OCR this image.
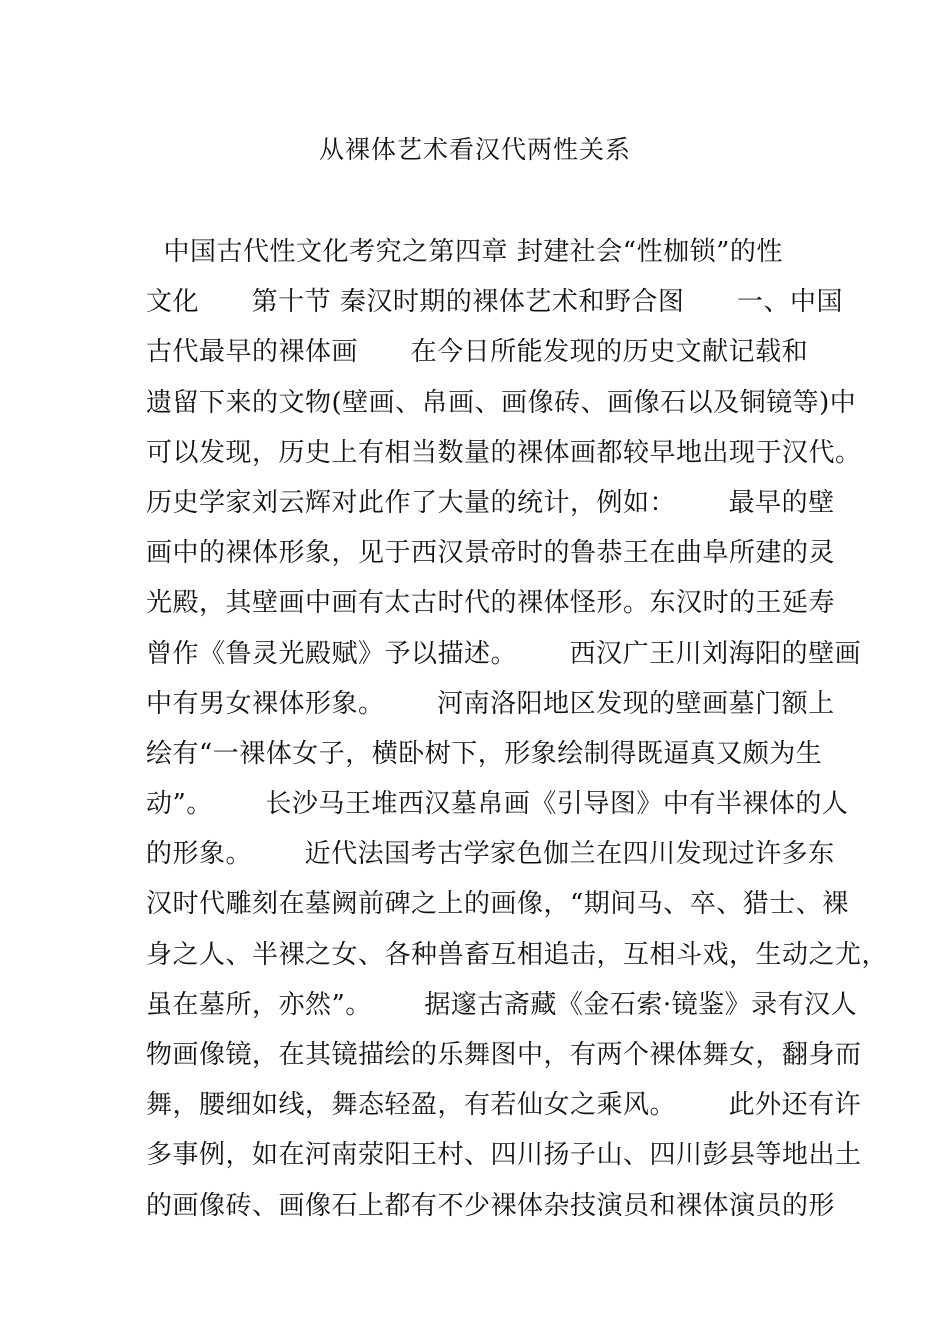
从裸体艺术看汉代两性关系
中国古代性文化考究之第四章 封建社会“性枷锁”的性
文化      第十节 秦汉时期的裸体艺术和野合图      一、中国
古代最早的裸体画      在今日所能发现的历史文献记载和
遗留下来的文物(壁画、帛画、画像砖、画像石以及铜镜等)中
可以发现，历史上有相当数量的裸体画都较早地出现于汉代。
历史学家刘云辉对此作了大量的统计，例如：      最早的壁
画中的裸体形象，见于西汉景帝时的鲁恭王在曲阜所建的灵
光殿，其壁画中画有太古时代的裸体怪形。东汉时的王延寿
曾作《鲁灵光殿赋》予以描述。      西汉广王川刘海阳的壁画
中有男女裸体形象。      河南洛阳地区发现的壁画墓门额上
绘有“一裸体女子，横卧树下，形象绘制得既逼真又颇为生
动”。      长沙马王堆西汉墓帛画《引导图》中有半裸体的人
的形象。      近代法国考古学家色伽兰在四川发现过许多东
汉时代雕刻在墓阙前碑之上的画像，“期间马、卒、猎士、裸
身之人、半裸之女、各种兽畜互相追击，互相斗戏，生动之尤，
虽在墓所，亦然”。      据邃古斋藏《金石索·镜鉴》录有汉人
物画像镜，在其镜描绘的乐舞图中，有两个裸体舞女，翻身而
舞，腰细如线，舞态轻盈，有若仙女之乘风。      此外还有许
多事例，如在河南荥阳王村、四川扬子山、四川彭县等地出土
的画像砖、画像石上都有不少裸体杂技演员和裸体演员的形
